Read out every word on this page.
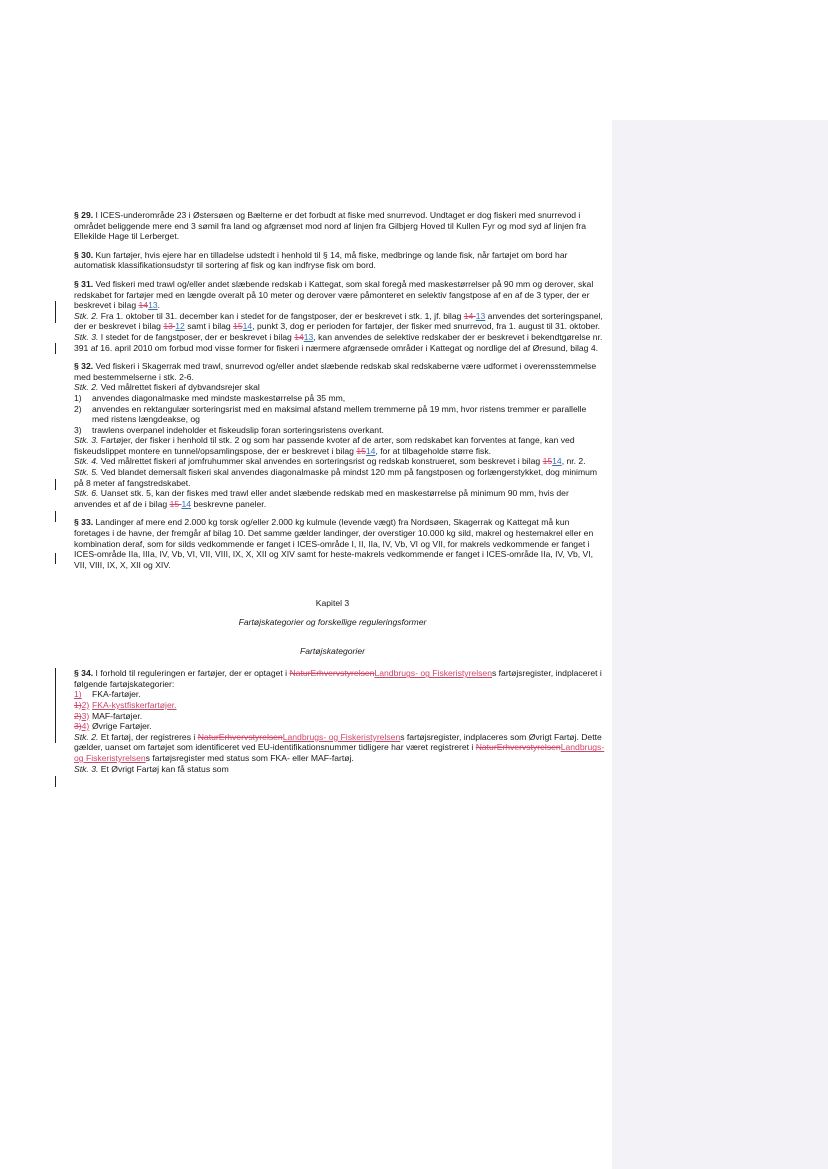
§ 29. I ICES-underområde 23 i Østersøen og Bælterne er det forbudt at fiske med snurrevod. Undtaget er dog fiskeri med snurrevod i området beliggende mere end 3 sømil fra land og afgrænset mod nord af linjen fra Gilbjerg Hoved til Kullen Fyr og mod syd af linjen fra Ellekilde Hage til Lerberget.

§ 30. Kun fartøjer, hvis ejere har en tilladelse udstedt i henhold til § 14, må fiske, medbringe og lande fisk, når fartøjet om bord har automatisk klassifikationsudstyr til sortering af fisk og kan indfryse fisk om bord.

§ 31. Ved fiskeri med trawl og/eller andet slæbende redskab i Kattegat, som skal foregå med maskestørrelser på 90 mm og derover, skal redskabet for fartøjer med en længde overalt på 10 meter og derover være påmonteret en selektiv fangstpose af en af de 3 typer, der er beskrevet i bilag 1413.

Stk. 2. Fra 1. oktober til 31. december kan i stedet for de fangstposer, der er beskrevet i stk. 1, jf. bilag 14 13 anvendes det sorteringspanel, der er beskrevet i bilag 13 12 samt i bilag 1514, punkt 3, dog er perioden for fartøjer, der fisker med snurrevod, fra 1. august til 31. oktober.

Stk. 3. I stedet for de fangstposer, der er beskrevet i bilag 1413, kan anvendes de selektive redskaber der er beskrevet i bekendtgørelse nr. 391 af 16. april 2010 om forbud mod visse former for fiskeri i nærmere afgrænsede områder i Kattegat og nordlige del af Øresund, bilag 4.

§ 32. Ved fiskeri i Skagerrak med trawl, snurrevod og/eller andet slæbende redskab skal redskaberne være udformet i overensstemmelse med bestemmelserne i stk. 2-6.

Stk. 2. Ved målrettet fiskeri af dybvandsrejer skal

1)	anvendes diagonalmaske med mindste maskestørrelse på 35 mm,
2)	anvendes en rektangulær sorteringsrist med en maksimal afstand mellem tremmerne på 19 mm, hvor ristens tremmer er parallelle med ristens længdeakse, og
3)	trawlens overpanel indeholder et fiskeudslip foran sorteringsristens overkant.

Stk. 3. Fartøjer, der fisker i henhold til stk. 2 og som har passende kvoter af de arter, som redskabet kan forventes at fange, kan ved fiskeudslippet montere en tunnel/opsamlingspose, der er beskrevet i bilag 1514, for at tilbageholde større fisk.

Stk. 4. Ved målrettet fiskeri af jomfruhummer skal anvendes en sorteringsrist og redskab konstrueret, som beskrevet i bilag 1514, nr. 2.

Stk. 5. Ved blandet demersalt fiskeri skal anvendes diagonalmaske på mindst 120 mm på fangstposen og forlængerstykket, dog minimum på 8 meter af fangstredskabet.

Stk. 6. Uanset stk. 5, kan der fiskes med trawl eller andet slæbende redskab med en maskestørrelse på minimum 90 mm, hvis der anvendes et af de i bilag 15 14 beskrevne paneler.

§ 33. Landinger af mere end 2.000 kg torsk og/eller 2.000 kg kulmule (levende vægt) fra Nordsøen, Skagerrak og Kattegat må kun foretages i de havne, der fremgår af bilag 10. Det samme gælder landinger, der overstiger 10.000 kg sild, makrel og hestemakrel eller en kombination deraf, som for silds vedkommende er fanget i ICES-område I, II, IIa, IV, Vb, VI og VII, for makrels vedkommende er fanget i ICES-område IIa, IIIa, IV, Vb, VI, VII, VIII, IX, X, XII og XIV samt for heste-makrels vedkommende er fanget i ICES-område IIa, IV, Vb, VI, VII, VIII, IX, X, XII og XIV.

Kapitel 3

Fartøjskategorier og forskellige reguleringsformer

Fartøjskategorier

§ 34. I forhold til reguleringen er fartøjer, der er optaget i NaturErhvervstyrelsenLandbrugs- og Fiskeristyrelsens fartøjsregister, indplaceret i følgende fartøjskategorier:

1)	FKA-fartøjer.
1)2) FKA-kystfiskerfartøjer.
2)3) MAF-fartøjer.
3)4) Øvrige Fartøjer.

Stk. 2. Et fartøj, der registreres i NaturErhvervstyrelsenLandbrugs- og Fiskeristyrelsens fartøjsregister, indplaceres som Øvrigt Fartøj. Dette gælder, uanset om fartøjet som identificeret ved EU-identifikationsnummer tidligere har været registreret i NaturErhvervstyrelsenLandbrugs- og Fiskeristyrelsens fartøjsregister med status som FKA- eller MAF-fartøj.

Stk. 3. Et Øvrigt Fartøj kan få status som
